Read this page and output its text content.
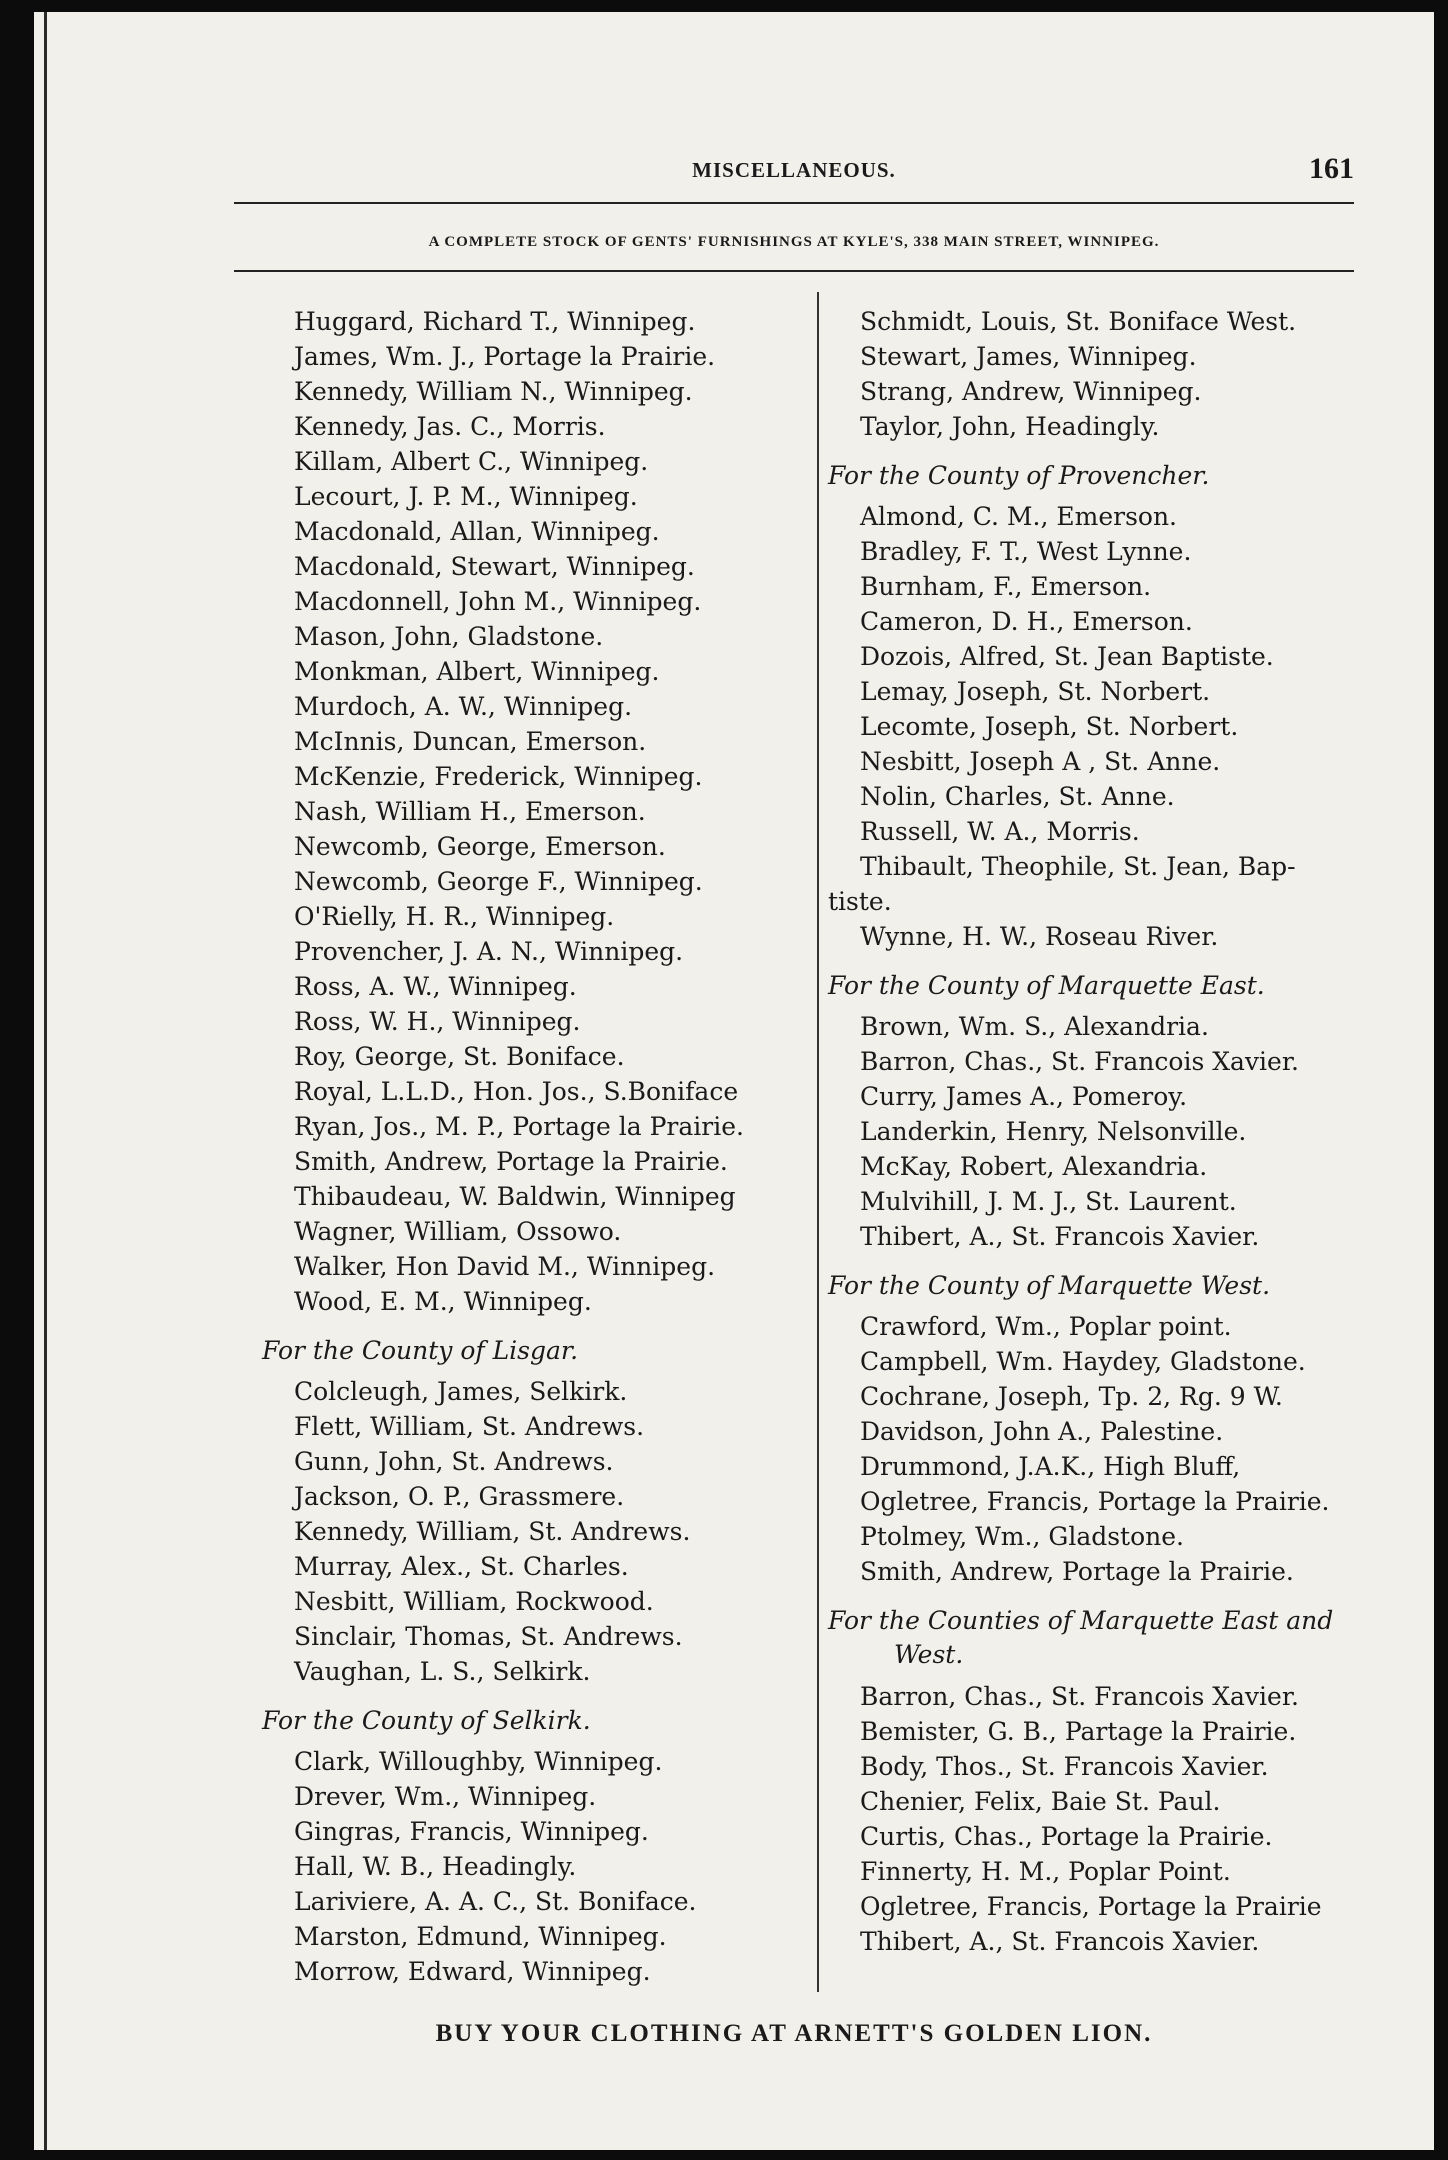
MISCELLANEOUS.	161
A COMPLETE STOCK OF GENTS' FURNISHINGS AT KYLE'S, 338 MAIN STREET, WINNIPEG.
Huggard, Richard T., Winnipeg.
James, Wm. J., Portage la Prairie.
Kennedy, William N., Winnipeg.
Kennedy, Jas. C., Morris.
Killam, Albert C., Winnipeg.
Lecourt, J. P. M., Winnipeg.
Macdonald, Allan, Winnipeg.
Macdonald, Stewart, Winnipeg.
Macdonnell, John M., Winnipeg.
Mason, John, Gladstone.
Monkman, Albert, Winnipeg.
Murdoch, A. W., Winnipeg.
McInnis, Duncan, Emerson.
McKenzie, Frederick, Winnipeg.
Nash, William H., Emerson.
Newcomb, George, Emerson.
Newcomb, George F., Winnipeg.
O'Rielly, H. R., Winnipeg.
Provencher, J. A. N., Winnipeg.
Ross, A. W., Winnipeg.
Ross, W. H., Winnipeg.
Roy, George, St. Boniface.
Royal, L.L.D., Hon. Jos., S.Boniface
Ryan, Jos., M. P., Portage la Prairie.
Smith, Andrew, Portage la Prairie.
Thibaudeau, W. Baldwin, Winnipeg
Wagner, William, Ossowo.
Walker, Hon David M., Winnipeg.
Wood, E. M., Winnipeg.
For the County of Lisgar.
Colcleugh, James, Selkirk.
Flett, William, St. Andrews.
Gunn, John, St. Andrews.
Jackson, O. P., Grassmere.
Kennedy, William, St. Andrews.
Murray, Alex., St. Charles.
Nesbitt, William, Rockwood.
Sinclair, Thomas, St. Andrews.
Vaughan, L. S., Selkirk.
For the County of Selkirk.
Clark, Willoughby, Winnipeg.
Drever, Wm., Winnipeg.
Gingras, Francis, Winnipeg.
Hall, W. B., Headingly.
Lariviere, A. A. C., St. Boniface.
Marston, Edmund, Winnipeg.
Morrow, Edward, Winnipeg.
Schmidt, Louis, St. Boniface West.
Stewart, James, Winnipeg.
Strang, Andrew, Winnipeg.
Taylor, John, Headingly.
For the County of Provencher.
Almond, C. M., Emerson.
Bradley, F. T., West Lynne.
Burnham, F., Emerson.
Cameron, D. H., Emerson.
Dozois, Alfred, St. Jean Baptiste.
Lemay, Joseph, St. Norbert.
Lecomte, Joseph, St. Norbert.
Nesbitt, Joseph A , St. Anne.
Nolin, Charles, St. Anne.
Russell, W. A., Morris.
Thibault, Theophile, St. Jean, Bap-
tiste.
Wynne, H. W., Roseau River.
For the County of Marquette East.
Brown, Wm. S., Alexandria.
Barron, Chas., St. Francois Xavier.
Curry, James A., Pomeroy.
Landerkin, Henry, Nelsonville.
McKay, Robert, Alexandria.
Mulvihill, J. M. J., St. Laurent.
Thibert, A., St. Francois Xavier.
For the County of Marquette West.
Crawford, Wm., Poplar point.
Campbell, Wm. Haydey, Gladstone.
Cochrane, Joseph, Tp. 2, Rg. 9 W.
Davidson, John A., Palestine.
Drummond, J.A.K., High Bluff,
Ogletree, Francis, Portage la Prairie.
Ptolmey, Wm., Gladstone.
Smith, Andrew, Portage la Prairie.
For the Counties of Marquette East and
West.
Barron, Chas., St. Francois Xavier.
Bemister, G. B., Partage la Prairie.
Body, Thos., St. Francois Xavier.
Chenier, Felix, Baie St. Paul.
Curtis, Chas., Portage la Prairie.
Finnerty, H. M., Poplar Point.
Ogletree, Francis, Portage la Prairie
Thibert, A., St. Francois Xavier.
BUY YOUR CLOTHING AT ARNETT'S GOLDEN LION.
